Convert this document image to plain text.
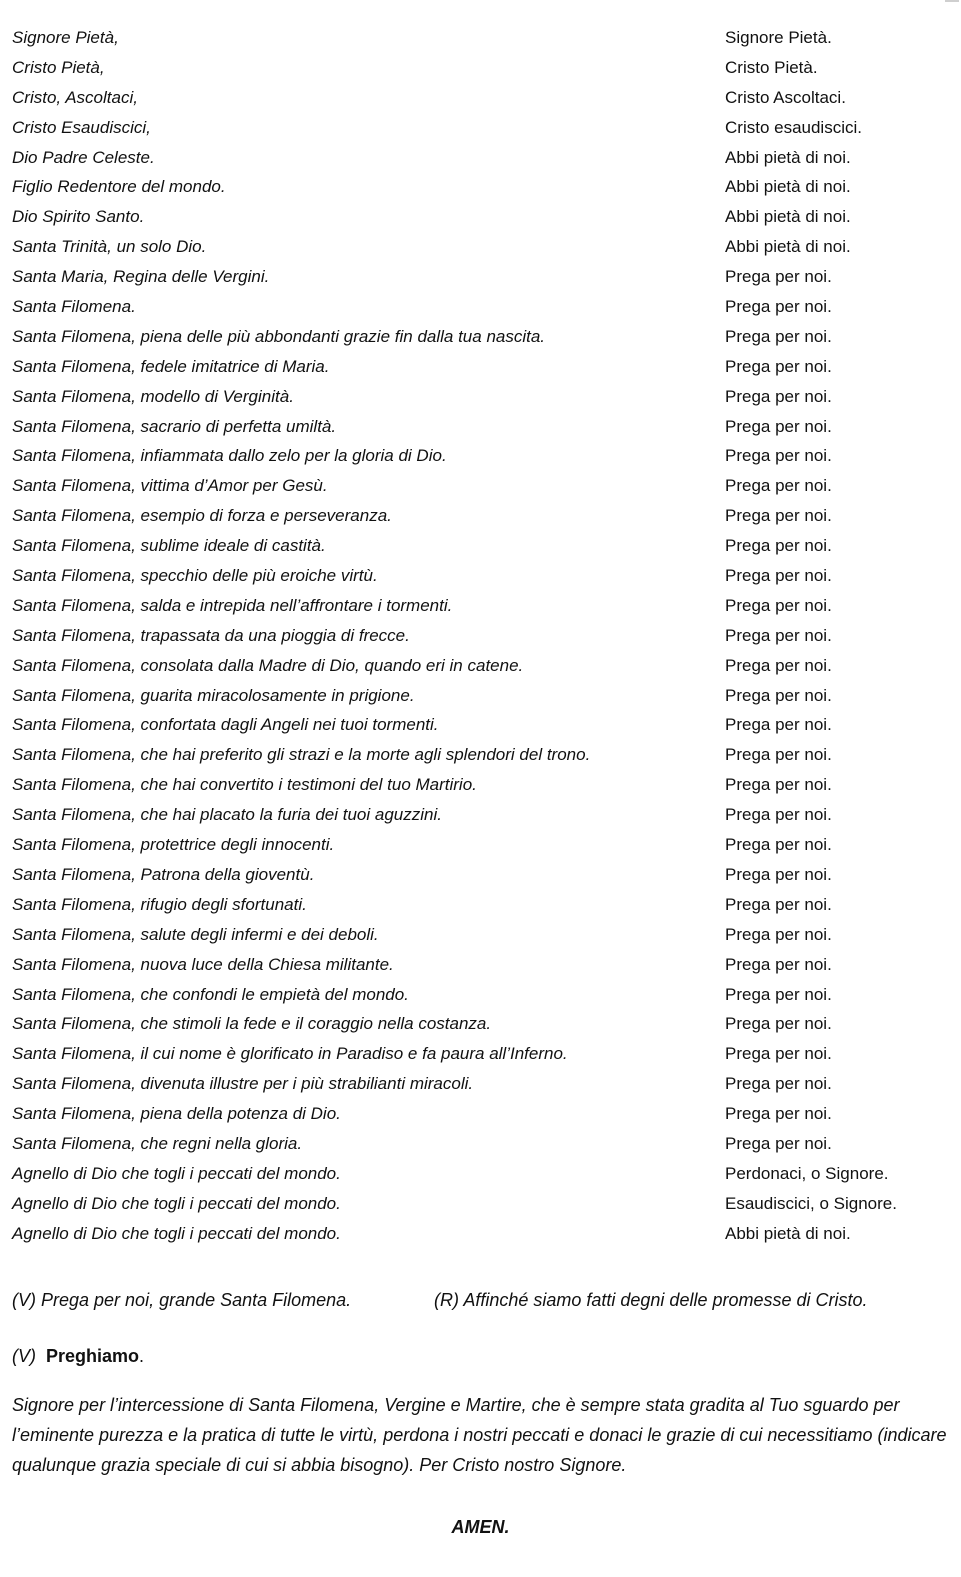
Signore Pietà,	Signore Pietà.
Cristo Pietà,	Cristo Pietà.
Cristo, Ascoltaci,	Cristo Ascoltaci.
Cristo Esaudiscici,	Cristo esaudiscici.
Dio Padre Celeste.	Abbi pietà di noi.
Figlio Redentore del mondo.	Abbi pietà di noi.
Dio Spirito Santo.	Abbi pietà di noi.
Santa Trinità, un solo Dio.	Abbi pietà di noi.
Santa Maria, Regina delle Vergini.	Prega per noi.
Santa Filomena.	Prega per noi.
Santa Filomena, piena delle più abbondanti grazie fin dalla tua nascita.	Prega per noi.
Santa Filomena, fedele imitatrice di Maria.	Prega per noi.
Santa Filomena, modello di Verginità.	Prega per noi.
Santa Filomena, sacrario di perfetta umiltà.	Prega per noi.
Santa Filomena, infiammata dallo zelo per la gloria di Dio.	Prega per noi.
Santa Filomena, vittima d’Amor per Gesù.	Prega per noi.
Santa Filomena, esempio di forza e perseveranza.	Prega per noi.
Santa Filomena, sublime ideale di castità.	Prega per noi.
Santa Filomena, specchio delle più eroiche virtù.	Prega per noi.
Santa Filomena, salda e intrepida nell’affrontare i tormenti.	Prega per noi.
Santa Filomena, trapassata da una pioggia di frecce.	Prega per noi.
Santa Filomena, consolata dalla Madre di Dio, quando eri in catene.	Prega per noi.
Santa Filomena, guarita miracolosamente in prigione.	Prega per noi.
Santa Filomena, confortata dagli Angeli nei tuoi tormenti.	Prega per noi.
Santa Filomena, che hai preferito gli strazi e la morte agli splendori del trono.	Prega per noi.
Santa Filomena, che hai convertito i testimoni del tuo Martirio.	Prega per noi.
Santa Filomena, che hai placato la furia dei tuoi aguzzini.	Prega per noi.
Santa Filomena, protettrice degli innocenti.	Prega per noi.
Santa Filomena, Patrona della gioventù.	Prega per noi.
Santa Filomena, rifugio degli sfortunati.	Prega per noi.
Santa Filomena, salute degli infermi e dei deboli.	Prega per noi.
Santa Filomena, nuova luce della Chiesa militante.	Prega per noi.
Santa Filomena, che confondi le empietà del mondo.	Prega per noi.
Santa Filomena, che stimoli la fede e il coraggio nella costanza.	Prega per noi.
Santa Filomena, il cui nome è glorificato in Paradiso e fa paura all’Inferno.	Prega per noi.
Santa Filomena, divenuta illustre per i più strabilianti miracoli.	Prega per noi.
Santa Filomena, piena della potenza di Dio.	Prega per noi.
Santa Filomena, che regni nella gloria.	Prega per noi.
Agnello di Dio che togli i peccati del mondo.	Perdonaci, o Signore.
Agnello di Dio che togli i peccati del mondo.	Esaudiscici, o Signore.
Agnello di Dio che togli i peccati del mondo.	Abbi pietà di noi.
(V) Prega per noi, grande Santa Filomena.	(R) Affinché siamo fatti degni delle promesse di Cristo.
(V) Preghiamo.

Signore per l’intercessione di Santa Filomena, Vergine e Martire, che è sempre stata gradita al Tuo sguardo per l’eminente purezza e la pratica di tutte le virtù, perdona i nostri peccati e donaci le grazie di cui necessitiamo (indicare qualunque grazia speciale di cui si abbia bisogno). Per Cristo nostro Signore.

AMEN.
